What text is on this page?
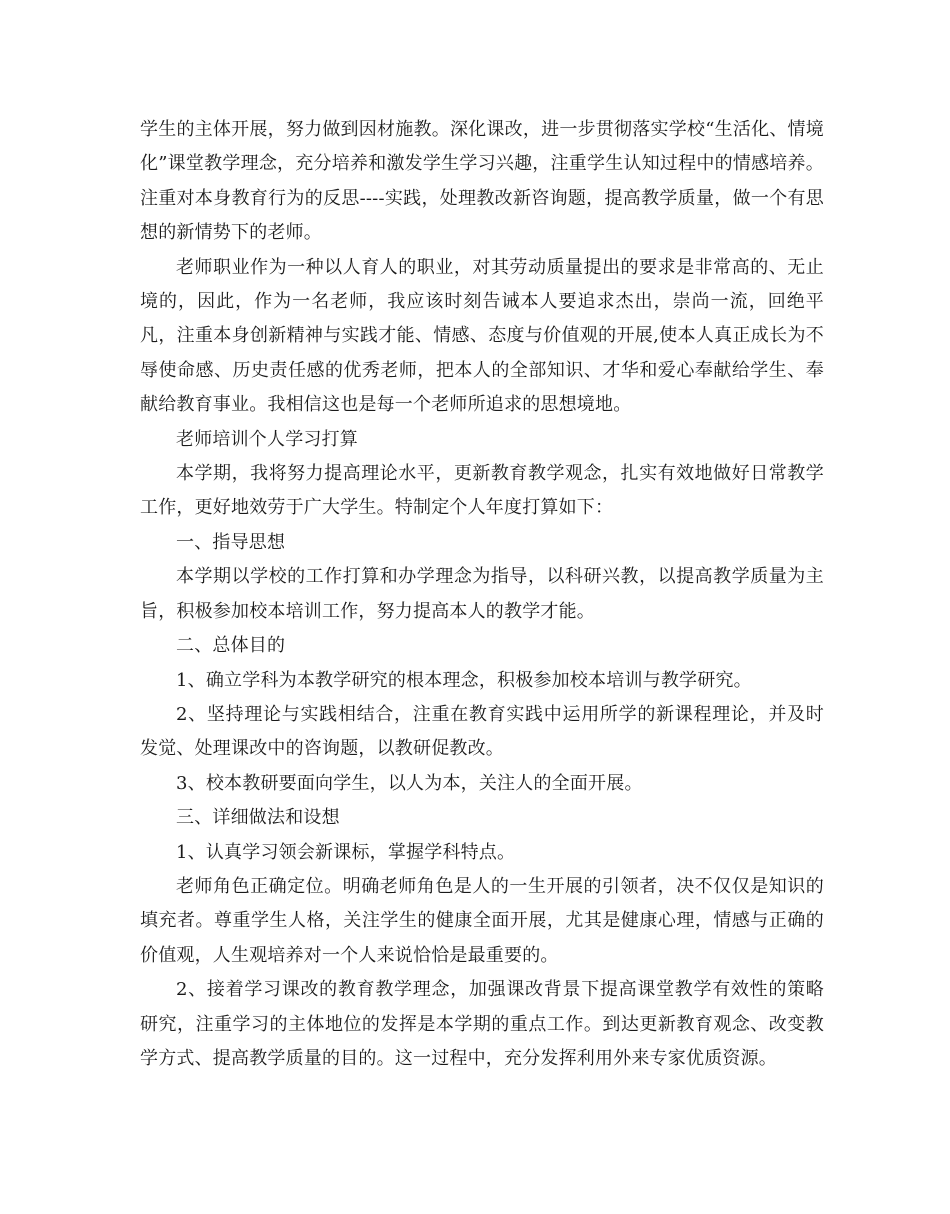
学生的主体开展，努力做到因材施教。深化课改，进一步贯彻落实学校“生活化、情境化”课堂教学理念，充分培养和激发学生学习兴趣，注重学生认知过程中的情感培养。注重对本身教育行为的反思----实践，处理教改新咨询题，提高教学质量，做一个有思想的新情势下的老师。

老师职业作为一种以人育人的职业，对其劳动质量提出的要求是非常高的、无止境的，因此，作为一名老师，我应该时刻告诫本人要追求杰出，崇尚一流，回绝平凡，注重本身创新精神与实践才能、情感、态度与价值观的开展,使本人真正成长为不辱使命感、历史责任感的优秀老师，把本人的全部知识、才华和爱心奉献给学生、奉献给教育事业。我相信这也是每一个老师所追求的思想境地。

老师培训个人学习打算

本学期，我将努力提高理论水平，更新教育教学观念，扎实有效地做好日常教学工作，更好地效劳于广大学生。特制定个人年度打算如下：

一、指导思想

本学期以学校的工作打算和办学理念为指导，以科研兴教，以提高教学质量为主旨，积极参加校本培训工作，努力提高本人的教学才能。

二、总体目的

1、确立学科为本教学研究的根本理念，积极参加校本培训与教学研究。

2、坚持理论与实践相结合，注重在教育实践中运用所学的新课程理论，并及时发觉、处理课改中的咨询题，以教研促教改。

3、校本教研要面向学生，以人为本，关注人的全面开展。

三、详细做法和设想

1、认真学习领会新课标，掌握学科特点。

老师角色正确定位。明确老师角色是人的一生开展的引领者，决不仅仅是知识的填充者。尊重学生人格，关注学生的健康全面开展，尤其是健康心理，情感与正确的价值观，人生观培养对一个人来说恰恰是最重要的。

2、接着学习课改的教育教学理念，加强课改背景下提高课堂教学有效性的策略研究，注重学习的主体地位的发挥是本学期的重点工作。到达更新教育观念、改变教学方式、提高教学质量的目的。这一过程中，充分发挥利用外来专家优质资源。
